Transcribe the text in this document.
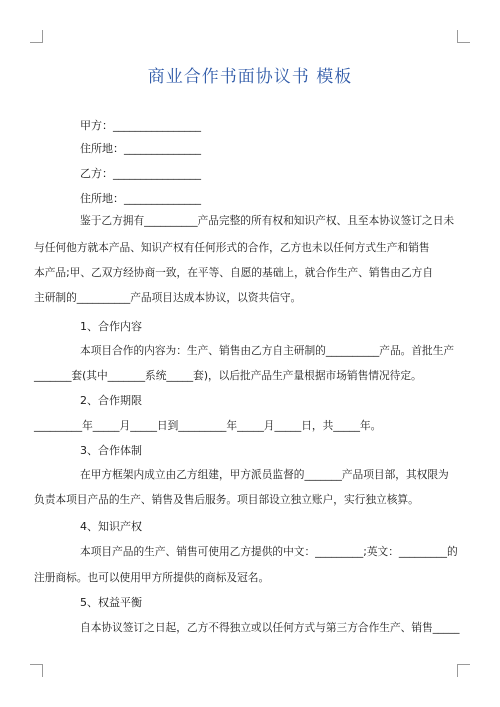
商业合作书面协议书 模板
甲方：________________
住所地：______________
乙方：________________
住所地：______________
鉴于乙方拥有__________产品完整的所有权和知识产权、且至本协议签订之日未
与任何他方就本产品、知识产权有任何形式的合作，乙方也未以任何方式生产和销售
本产品;甲、乙双方经协商一致，在平等、自愿的基础上，就合作生产、销售由乙方自
主研制的__________产品项目达成本协议，以资共信守。
1、合作内容
本项目合作的内容为：生产、销售由乙方自主研制的__________产品。首批生产
_______套(其中_______系统_____套)，以后批产品生产量根据市场销售情况待定。
2、合作期限
_________年_____月_____日到_________年_____月_____日，共_____年。
3、合作体制
在甲方框架内成立由乙方组建，甲方派员监督的_______产品项目部，其权限为
负责本项目产品的生产、销售及售后服务。项目部设立独立账户，实行独立核算。
4、知识产权
本项目产品的生产、销售可使用乙方提供的中文：_________;英文：_________的
注册商标。也可以使用甲方所提供的商标及冠名。
5、权益平衡
自本协议签订之日起，乙方不得独立或以任何方式与第三方合作生产、销售_____
